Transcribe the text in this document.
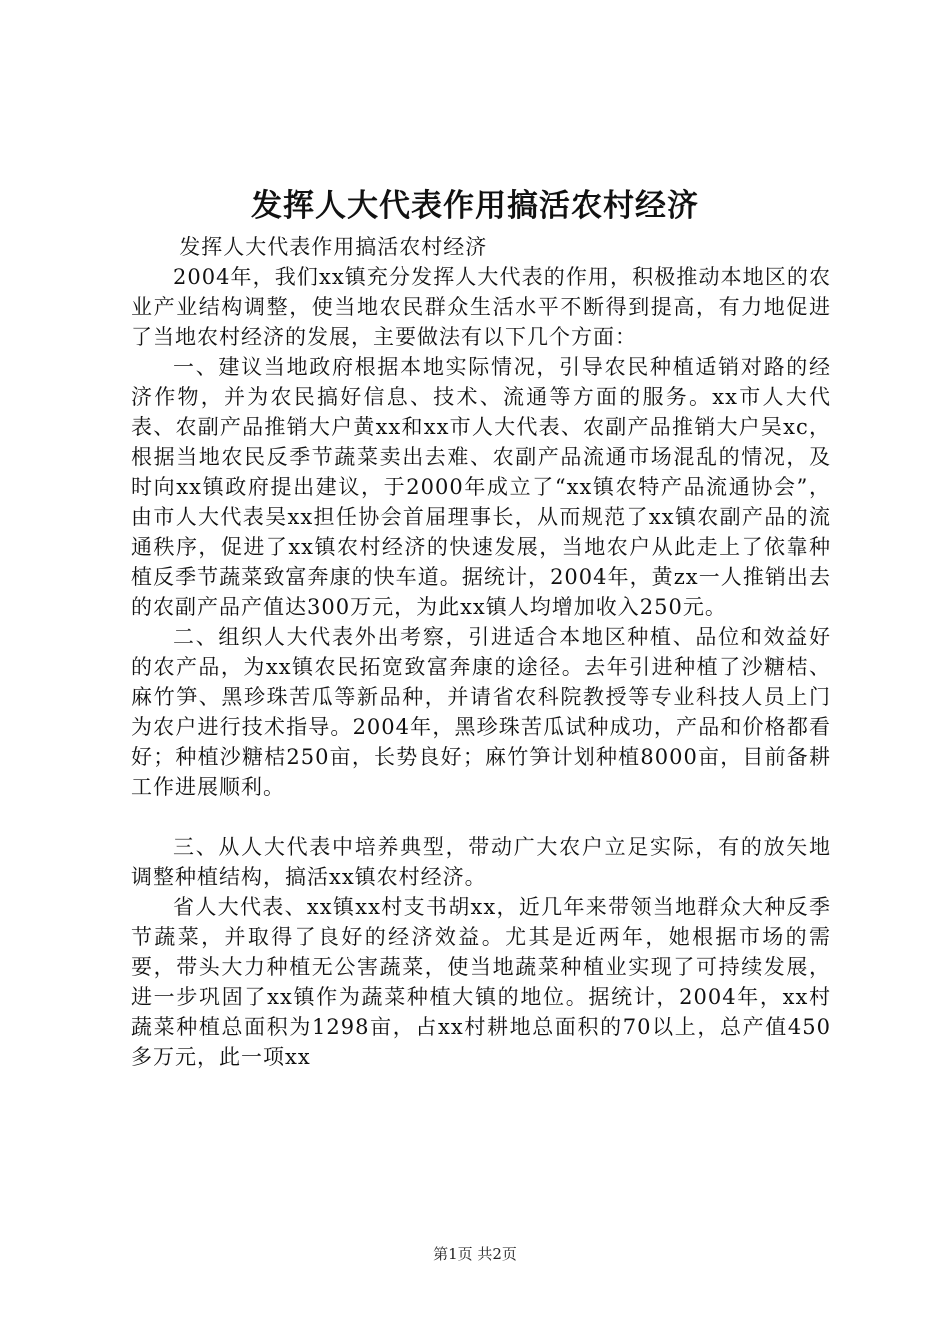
发挥人大代表作用搞活农村经济

发挥人大代表作用搞活农村经济

2004年，我们xx镇充分发挥人大代表的作用，积极推动本地区的农业产业结构调整，使当地农民群众生活水平不断得到提高，有力地促进了当地农村经济的发展，主要做法有以下几个方面：

一、建议当地政府根据本地实际情况，引导农民种植适销对路的经济作物，并为农民搞好信息、技术、流通等方面的服务。xx市人大代表、农副产品推销大户黄xx和xx市人大代表、农副产品推销大户吴xc，根据当地农民反季节蔬菜卖出去难、农副产品流通市场混乱的情况，及时向xx镇政府提出建议，于2000年成立了“xx镇农特产品流通协会”，由市人大代表吴xx担任协会首届理事长，从而规范了xx镇农副产品的流通秩序，促进了xx镇农村经济的快速发展，当地农户从此走上了依靠种植反季节蔬菜致富奔康的快车道。据统计，2004年，黄zx一人推销出去的农副产品产值达300万元，为此xx镇人均增加收入250元。

二、组织人大代表外出考察，引进适合本地区种植、品位和效益好的农产品，为xx镇农民拓宽致富奔康的途径。去年引进种植了沙糖桔、麻竹笋、黑珍珠苦瓜等新品种，并请省农科院教授等专业科技人员上门为农户进行技术指导。2004年，黑珍珠苦瓜试种成功，产品和价格都看好；种植沙糖桔250亩，长势良好；麻竹笋计划种植8000亩，目前备耕工作进展顺利。

三、从人大代表中培养典型，带动广大农户立足实际，有的放矢地调整种植结构，搞活xx镇农村经济。

省人大代表、xx镇xx村支书胡xx，近几年来带领当地群众大种反季节蔬菜，并取得了良好的经济效益。尤其是近两年，她根据市场的需要，带头大力种植无公害蔬菜，使当地蔬菜种植业实现了可持续发展，进一步巩固了xx镇作为蔬菜种植大镇的地位。据统计，2004年，xx村蔬菜种植总面积为1298亩，占xx村耕地总面积的70以上，总产值450多万元，此一项xx

第1页 共2页
